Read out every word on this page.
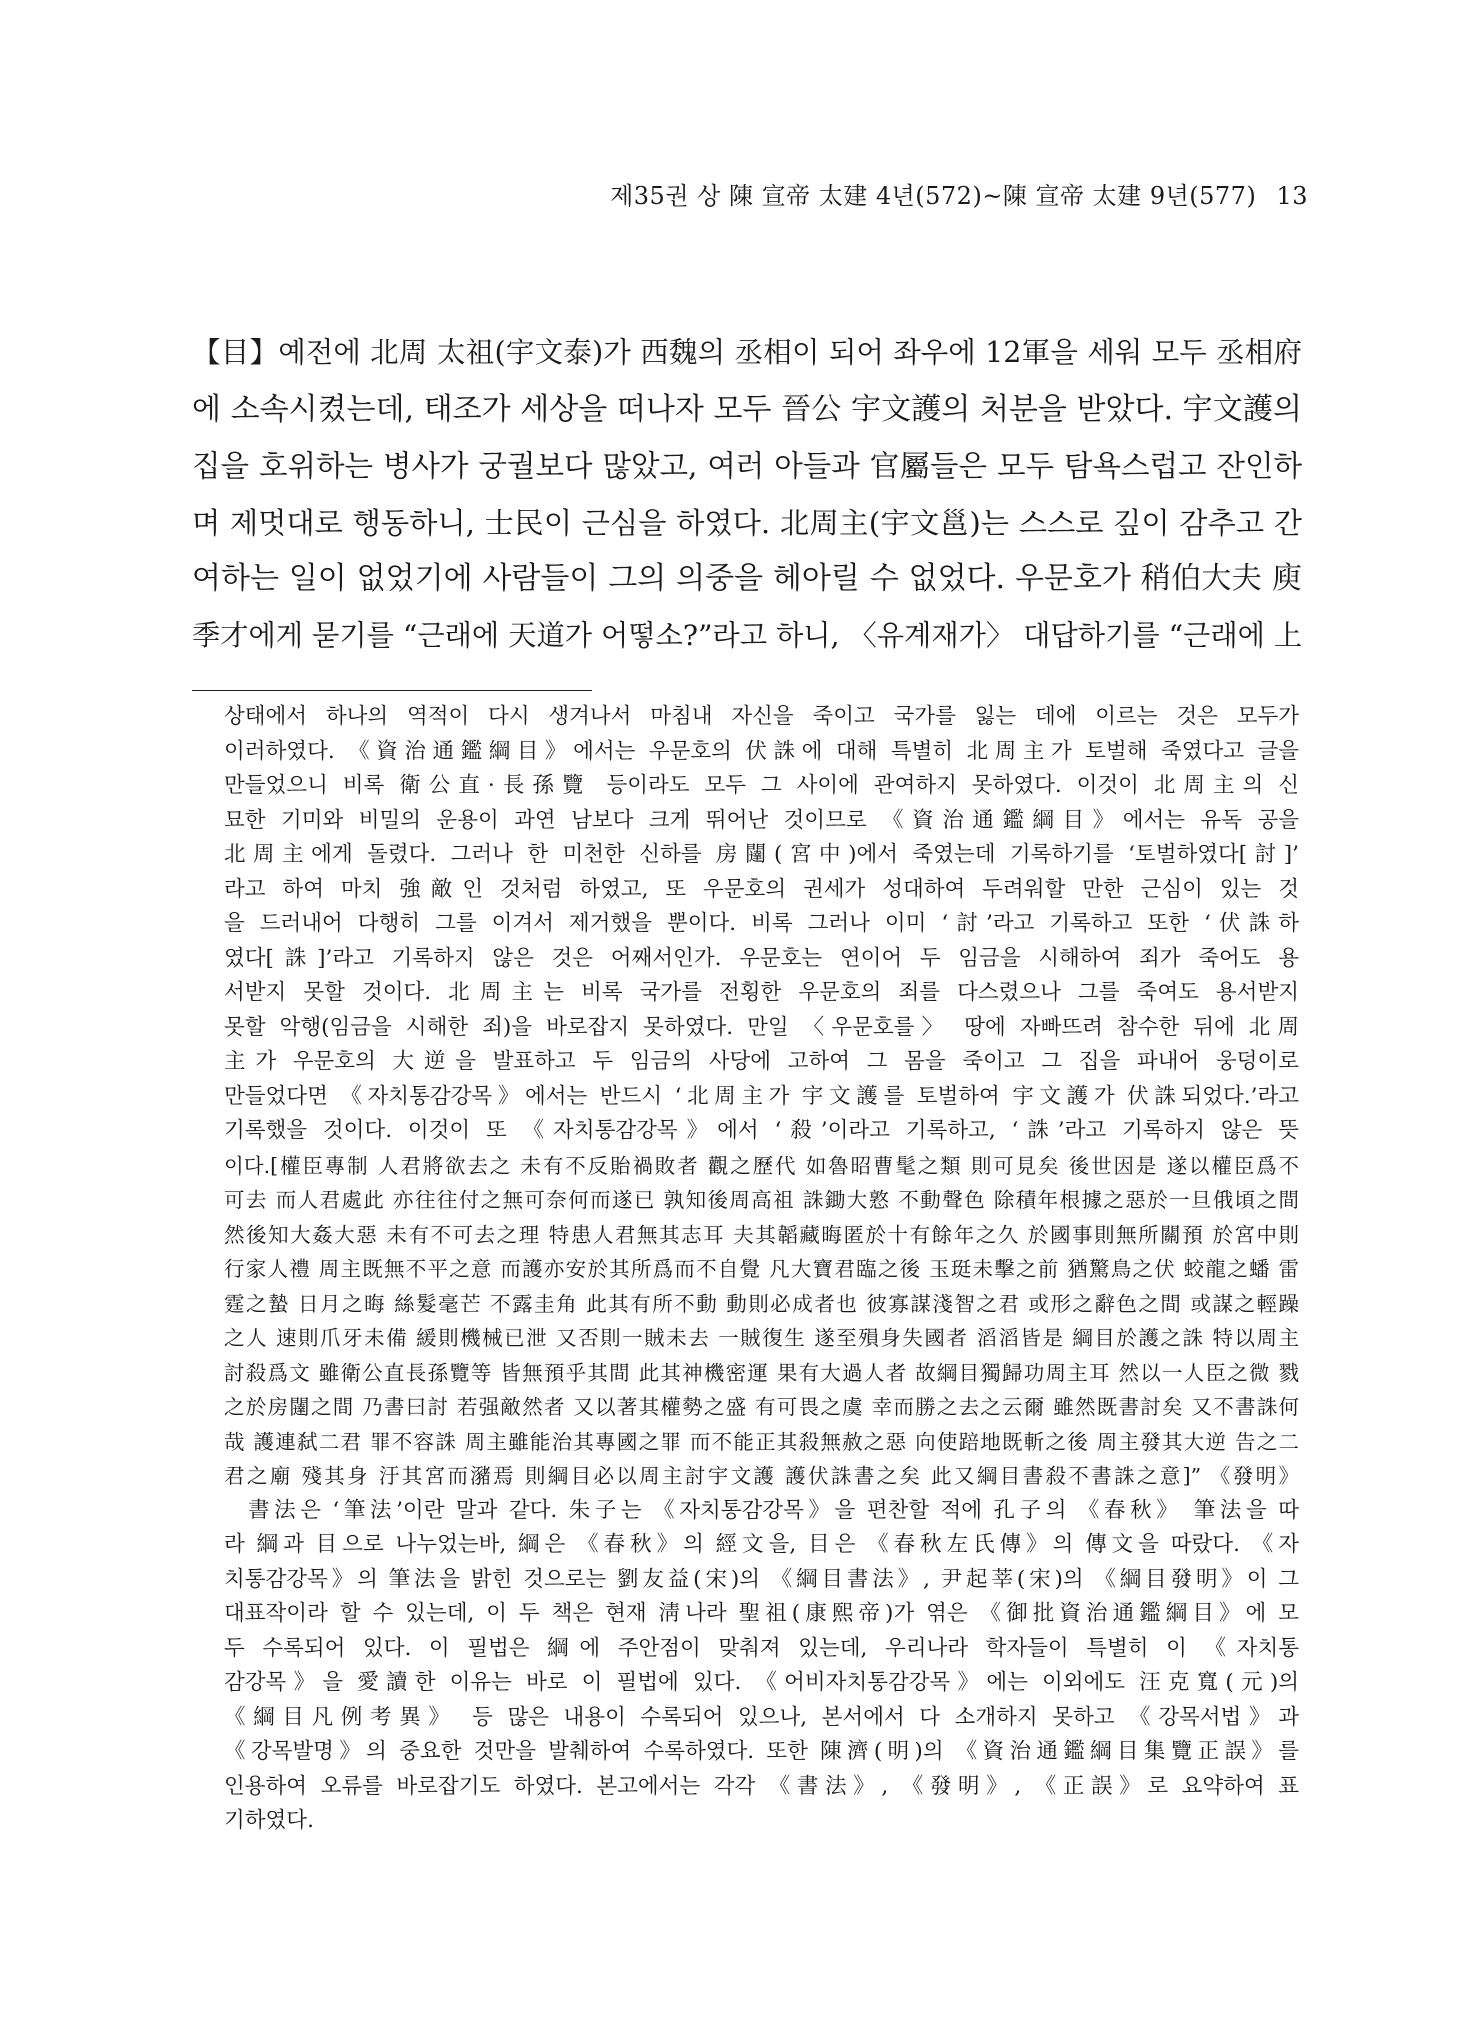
제35권 상 陳 宣帝 太建 4년(572)~陳 宣帝 太建 9년(577) 13
【目】예전에 北周 太祖(宇文泰)가 西魏의 丞相이 되어 좌우에 12軍을 세워 모두 丞相府
에 소속시켰는데, 태조가 세상을 떠나자 모두 晉公 宇文護의 처분을 받았다. 宇文護의
집을 호위하는 병사가 궁궐보다 많았고, 여러 아들과 官屬들은 모두 탐욕스럽고 잔인하
며 제멋대로 행동하니, 士民이 근심을 하였다. 北周主(宇文邕)는 스스로 깊이 감추고 간
여하는 일이 없었기에 사람들이 그의 의중을 헤아릴 수 없었다. 우문호가 稍伯大夫 庾
季才에게 묻기를 “근래에 天道가 어떻소?”라고 하니, 〈유계재가〉 대답하기를 “근래에 上
상태에서 하나의 역적이 다시 생겨나서 마침내 자신을 죽이고 국가를 잃는 데에 이르는 것은 모두가
이러하였다. 《資治通鑑綱目》에서는 우문호의 伏誅에 대해 특별히 北周主가 토벌해 죽였다고 글을
만들었으니 비록 衛公直·長孫覽 등이라도 모두 그 사이에 관여하지 못하였다. 이것이 北周主의 신
묘한 기미와 비밀의 운용이 과연 남보다 크게 뛰어난 것이므로 《資治通鑑綱目》에서는 유독 공을
北周主에게 돌렸다. 그러나 한 미천한 신하를 房闥(宮中)에서 죽였는데 기록하기를 ‘토벌하였다[討]’
라고 하여 마치 強敵인 것처럼 하였고, 또 우문호의 권세가 성대하여 두려워할 만한 근심이 있는 것
을 드러내어 다행히 그를 이겨서 제거했을 뿐이다. 비록 그러나 이미 ‘討’라고 기록하고 또한 ‘伏誅하
였다[誅]’라고 기록하지 않은 것은 어째서인가. 우문호는 연이어 두 임금을 시해하여 죄가 죽어도 용
서받지 못할 것이다. 北周主는 비록 국가를 전횡한 우문호의 죄를 다스렸으나 그를 죽여도 용서받지
못할 악행(임금을 시해한 죄)을 바로잡지 못하였다. 만일 〈우문호를〉 땅에 자빠뜨려 참수한 뒤에 北周
主가 우문호의 大逆을 발표하고 두 임금의 사당에 고하여 그 몸을 죽이고 그 집을 파내어 웅덩이로
만들었다면 《자치통감강목》에서는 반드시 ‘北周主가 宇文護를 토벌하여 宇文護가 伏誅되었다.’라고
기록했을 것이다. 이것이 또 《자치통감강목》에서 ‘殺’이라고 기록하고, ‘誅’라고 기록하지 않은 뜻
이다.[權臣專制 人君將欲去之 未有不反貽禍敗者 觀之歷代 如魯昭曹髦之類 則可見矣 後世因是 遂以權臣爲不
可去 而人君處此 亦往往付之無可奈何而遂已 孰知後周高祖 誅鋤大憝 不動聲色 除積年根據之惡於一旦俄頃之間
然後知大姦大惡 未有不可去之理 特患人君無其志耳 夫其韜藏晦匿於十有餘年之久 於國事則無所關預 於宮中則
行家人禮 周主既無不平之意 而護亦安於其所爲而不自覺 凡大寶君臨之後 玉珽未擊之前 猶驚鳥之伏 蛟龍之蟠 雷
霆之蟄 日月之晦 絲髮毫芒 不露圭角 此其有所不動 動則必成者也 彼寡謀淺智之君 或形之辭色之間 或謀之輕躁
之人 速則爪牙未備 緩則機械已泄 又否則一賊未去 一賊復生 遂至殞身失國者 滔滔皆是 綱目於護之誅 特以周主
討殺爲文 雖衛公直長孫覽等 皆無預乎其間 此其神機密運 果有大過人者 故綱目獨歸功周主耳 然以一人臣之微 戮
之於房闥之間 乃書曰討 若强敵然者 又以著其權勢之盛 有可畏之虞 幸而勝之去之云爾 雖然既書討矣 又不書誅何
哉 護連弑二君 罪不容誅 周主雖能治其專國之罪 而不能正其殺無赦之惡 向使踣地既斬之後 周主發其大逆 告之二
君之廟 殘其身 汙其宮而瀦焉 則綱目必以周主討宇文護 護伏誅書之矣 此又綱目書殺不書誅之意]” 《發明》
書法은 ‘筆法’이란 말과 같다. 朱子는 《자치통감강목》을 편찬할 적에 孔子의 《春秋》 筆法을 따
라 綱과 目으로 나누었는바, 綱은 《春秋》의 經文을, 目은 《春秋左氏傳》의 傳文을 따랐다. 《자
치통감강목》의 筆法을 밝힌 것으로는 劉友益(宋)의 《綱目書法》, 尹起莘(宋)의 《綱目發明》이 그
대표작이라 할 수 있는데, 이 두 책은 현재 淸나라 聖祖(康熙帝)가 엮은 《御批資治通鑑綱目》에 모
두 수록되어 있다. 이 필법은 綱에 주안점이 맞춰져 있는데, 우리나라 학자들이 특별히 이 《자치통
감강목》을 愛讀한 이유는 바로 이 필법에 있다. 《어비자치통감강목》에는 이외에도 汪克寬(元)의
《綱目凡例考異》 등 많은 내용이 수록되어 있으나, 본서에서 다 소개하지 못하고 《강목서법》과
《강목발명》의 중요한 것만을 발췌하여 수록하였다. 또한 陳濟(明)의 《資治通鑑綱目集覽正誤》를
인용하여 오류를 바로잡기도 하였다. 본고에서는 각각 《書法》, 《發明》, 《正誤》로 요약하여 표
기하였다.
